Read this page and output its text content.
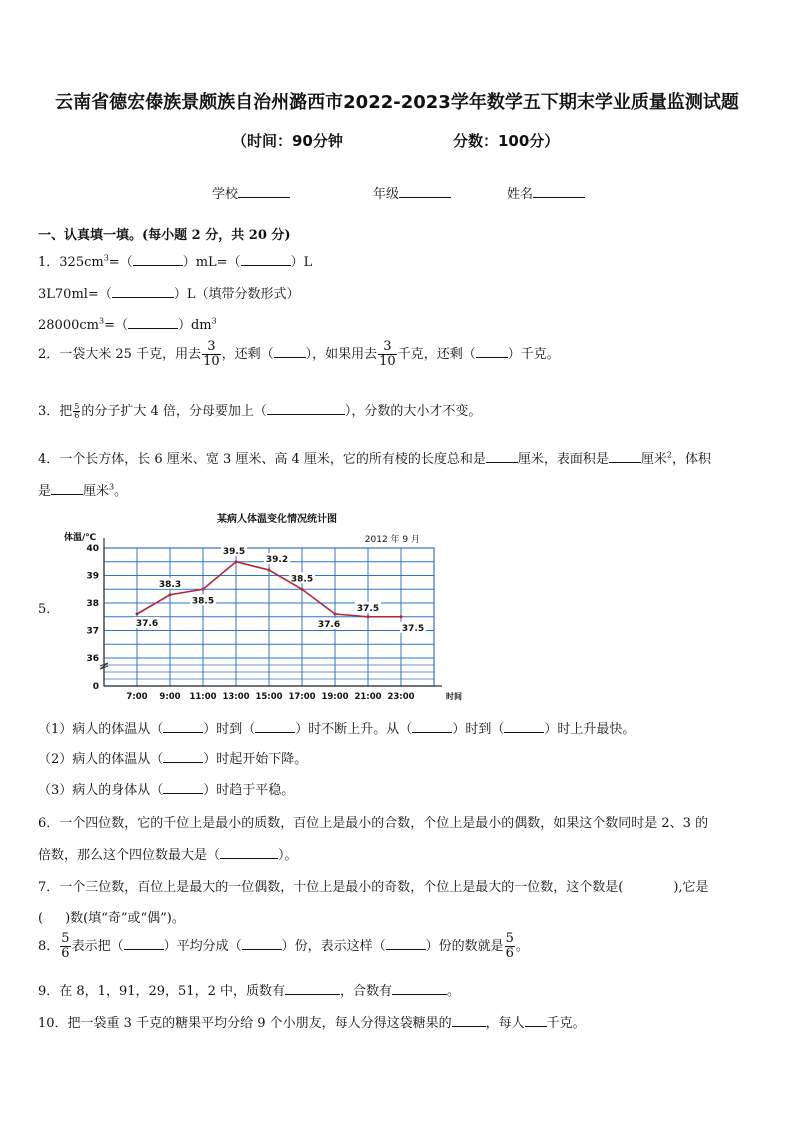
云南省德宏傣族景颇族自治州潞西市2022-2023学年数学五下期末学业质量监测试题
（时间：90分钟	分数：100分）
学校	年级	姓名
一、认真填一填。(每小题 2 分，共 20 分)
1．$325cm^3=$（	）mL=（	）L
3L70ml=（	）L（填带分数形式）
$28000cm^3=$（	）$dm^3$
2．一袋大米 25 千克，用去 $\frac{3}{10}$ ，还剩（ ），如果用去 $\frac{3}{10}$ 千克，还剩（ ）千克。
3．把 $\frac{5}{6}$ 的分子扩大 4 倍，分母要加上（	），分数的大小才不变。
4．一个长方体，长 6 厘米、宽 3 厘米、高 4 厘米，它的所有棱的长度总和是 厘米，表面积是 厘米$^2$，体积
是 厘米$^3$。
5．
某病人体温变化情况统计图
2012 年 9 月
体温/℃
时间
40
39
38
37
36
0
7:00 9:00 11:00 13:00 15:00 17:00 19:00 21:00 23:00
37.6
38.3
38.5
39.5
39.2
38.5
37.6
37.5
37.5
（1）病人的体温从（	）时到（	）时不断上升。从（	）时到（	）时上升最快。
（2）病人的体温从（	）时起开始下降。
（3）病人的身体从（	）时趋于平稳。
6．一个四位数，它的千位上是最小的质数，百位上是最小的合数，个位上是最小的偶数，如果这个数同时是 2、3 的
倍数，那么这个四位数最大是（	）。
7．一个三位数，百位上是最大的一位偶数，十位上是最小的奇数，个位上是最大的一位数，这个数是(	),它是
( )数(填“奇”或“偶”)。
8． $\frac{5}{6}$ 表示把（	）平均分成（	）份，表示这样（	）份的数就是 $\frac{5}{6}$ 。
9．在 8，1，91，29，51，2 中，质数有	，合数有	。
10．把一袋重 3 千克的糖果平均分给 9 个小朋友，每人分得这袋糖果的	，每人 千克。
